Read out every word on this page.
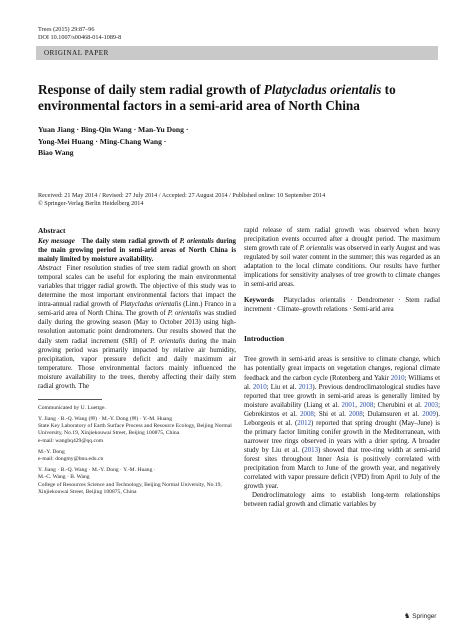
Trees (2015) 29:87–96
DOI 10.1007/s00468-014-1089-8
ORIGINAL PAPER
Response of daily stem radial growth of Platycladus orientalis to environmental factors in a semi-arid area of North China
Yuan Jiang · Bing-Qin Wang · Man-Yu Dong ·
Yong-Mei Huang · Ming-Chang Wang ·
Biao Wang
Received: 21 May 2014 / Revised: 27 July 2014 / Accepted: 27 August 2014 / Published online: 10 September 2014
© Springer-Verlag Berlin Heidelberg 2014
Abstract

Key message The daily stem radial growth of P. orientalis during the main growing period in semi-arid areas of North China is mainly limited by moisture availability.

Abstract Finer resolution studies of tree stem radial growth on short temporal scales can be useful for exploring the main environmental variables that trigger radial growth. The objective of this study was to determine the most important environmental factors that impact the intra-annual radial growth of Platycladus orientalis (Linn.) Franco in a semi-arid area of North China. The growth of P. orientalis was studied daily during the growing season (May to October 2013) using high-resolution automatic point dendrometers. Our results showed that the daily stem radial increment (SRI) of P. orientalis during the main growing period was primarily impacted by relative air humidity, precipitation, vapor pressure deficit and daily maximum air temperature. Those environmental factors mainly influenced the moisture availability to the trees, thereby affecting their daily stem radial growth. The

Communicated by U. Luettge.

Y. Jiang · B.-Q. Wang (✉) · M.-Y. Dong (✉) · Y.-M. Huang
State Key Laboratory of Earth Surface Process and Resource Ecology, Beijing Normal University, No.19, Xinjiekouwai Street, Beijing 100875, China
e-mail: wangbq429@qq.com

M.-Y. Dong
e-mail: dongmy@bnu.edu.cn

Y. Jiang · B.-Q. Wang · M.-Y. Dong · Y.-M. Huang ·
M.-C. Wang · B. Wang
College of Resources Science and Technology, Beijing Normal University, No.19, Xinjiekouwai Street, Beijing 100875, China

rapid release of stem radial growth was observed when heavy precipitation events occurred after a drought period. The maximum stem growth rate of P. orientalis was observed in early August and was regulated by soil water content in the summer; this was regarded as an adaptation to the local climate conditions. Our results have further implications for sensitivity analyses of tree growth to climate changes in semi-arid areas.

Keywords Platycladus orientalis · Dendrometer · Stem radial increment · Climate–growth relations · Semi-arid area

Introduction

Tree growth in semi-arid areas is sensitive to climate change, which has potentially great impacts on vegetation changes, regional climate feedback and the carbon cycle (Rotenberg and Yakir 2010; Williams et al. 2010; Liu et al. 2013). Previous dendroclimatological studies have reported that tree growth in semi-arid areas is generally limited by moisture availability (Liang et al. 2001, 2008; Cherubini et al. 2003; Gebrekirstos et al. 2008; Shi et al. 2008; Dulamsuren et al. 2009). Leborgeois et al. (2012) reported that spring drought (May–June) is the primary factor limiting conifer growth in the Mediterranean, with narrower tree rings observed in years with a drier spring. A broader study by Liu et al. (2013) showed that tree-ring width at semi-arid forest sites throughout Inner Asia is positively correlated with precipitation from March to June of the growth year, and negatively correlated with vapor pressure deficit (VPD) from April to July of the growth year.

Dendroclimatology aims to establish long-term relationships between radial growth and climatic variables by

♞ Springer
